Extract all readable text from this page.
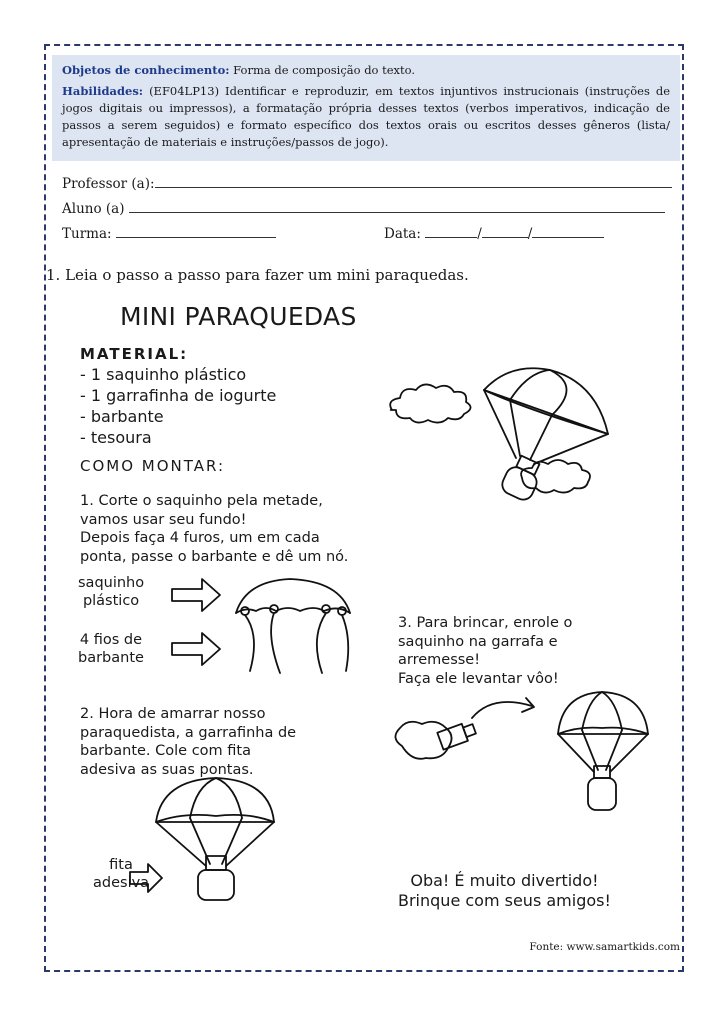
Objetos de conhecimento: Forma de composição do texto.
Habilidades: (EF04LP13) Identificar e reproduzir, em textos injuntivos instrucionais (instruções de jogos digitais ou impressos), a formatação própria desses textos (verbos imperativos, indicação de passos a serem seguidos) e formato específico dos textos orais ou escritos desses gêneros (lista/ apresentação de materiais e instruções/passos de jogo).
Professor (a):
Aluno (a)
Turma:	Data:	/	/
1. Leia o passo a passo para fazer um mini paraquedas.
MINI PARAQUEDAS
MATERIAL:
- 1 saquinho plástico
- 1 garrafinha de iogurte
- barbante
- tesoura
COMO MONTAR:
1. Corte o saquinho pela metade,
vamos usar seu fundo!
Depois faça 4 furos, um em cada
ponta, passe o barbante e dê um nó.
saquinho
plástico
4 fios de
barbante
3. Para brincar, enrole o
saquinho na garrafa e
arremesse!
Faça ele levantar vôo!
2. Hora de amarrar nosso
paraquedista, a garrafinha de
barbante. Cole com fita
adesiva as suas pontas.
fita
adesiva	Oba! É muito divertido!
Brinque com seus amigos!
Fonte: www.samartkids.com
